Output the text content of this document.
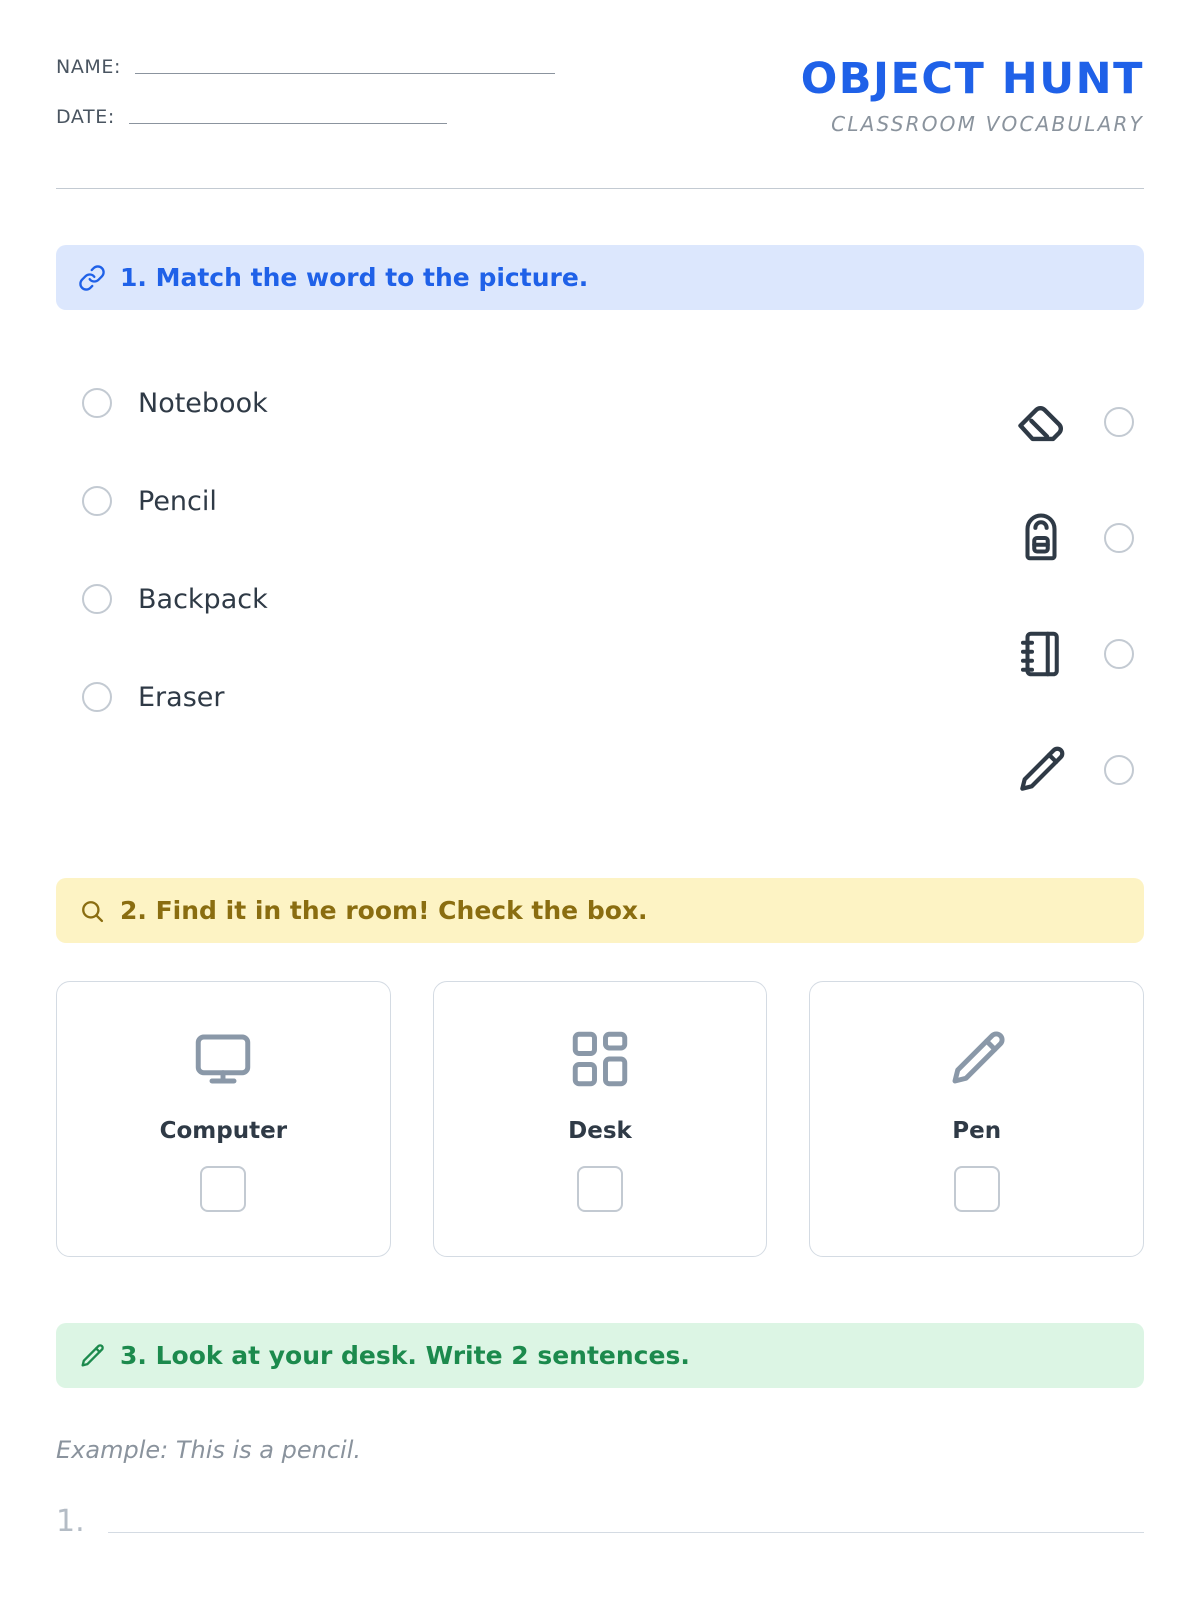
NAME:
DATE:
OBJECT HUNT
CLASSROOM VOCABULARY
1. Match the word to the picture.
Notebook
Pencil
Backpack
Eraser
2. Find it in the room! Check the box.
Computer	Desk	Pen
3. Look at your desk. Write 2 sentences.
Example: This is a pencil.
1.
